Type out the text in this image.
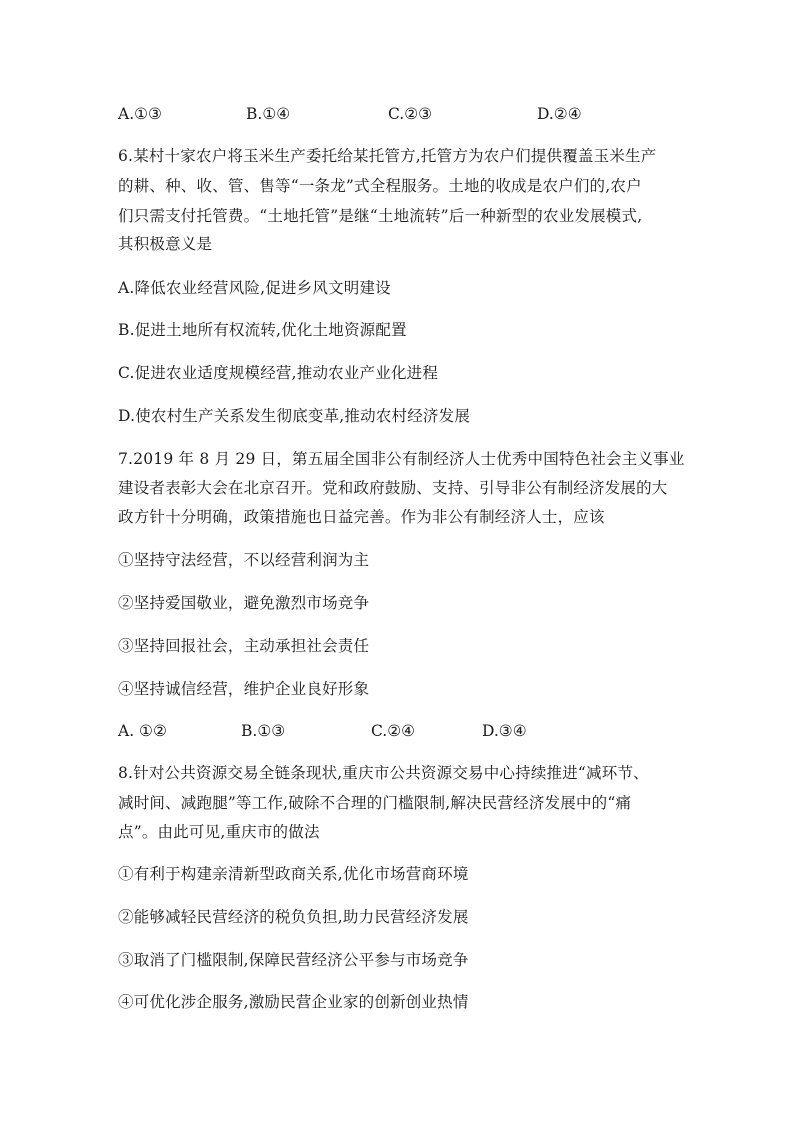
A.①③	B.①④	C.②③	D.②④
6.某村十家农户将玉米生产委托给某托管方,托管方为农户们提供覆盖玉米生产
的耕、种、收、管、售等“一条龙”式全程服务。土地的收成是农户们的,农户
们只需支付托管费。“土地托管”是继“土地流转”后一种新型的农业发展模式,
其积极意义是
A.降低农业经营风险,促进乡风文明建设
B.促进土地所有权流转,优化土地资源配置
C.促进农业适度规模经营,推动农业产业化进程
D.使农村生产关系发生彻底变革,推动农村经济发展
7.2019 年 8 月 29 日，第五届全国非公有制经济人士优秀中国特色社会主义事业
建设者表彰大会在北京召开。党和政府鼓励、支持、引导非公有制经济发展的大
政方针十分明确，政策措施也日益完善。作为非公有制经济人士，应该
①坚持守法经营，不以经营利润为主
②坚持爱国敬业，避免激烈市场竞争
③坚持回报社会，主动承担社会责任
④坚持诚信经营，维护企业良好形象
A. ①②	B.①③	C.②④	D.③④
8.针对公共资源交易全链条现状,重庆市公共资源交易中心持续推进“减环节、
减时间、减跑腿”等工作,破除不合理的门槛限制,解决民营经济发展中的“痛
点”。由此可见,重庆市的做法
①有利于构建亲清新型政商关系,优化市场营商环境
②能够减轻民营经济的税负负担,助力民营经济发展
③取消了门槛限制,保障民营经济公平参与市场竞争
④可优化涉企服务,激励民营企业家的创新创业热情
